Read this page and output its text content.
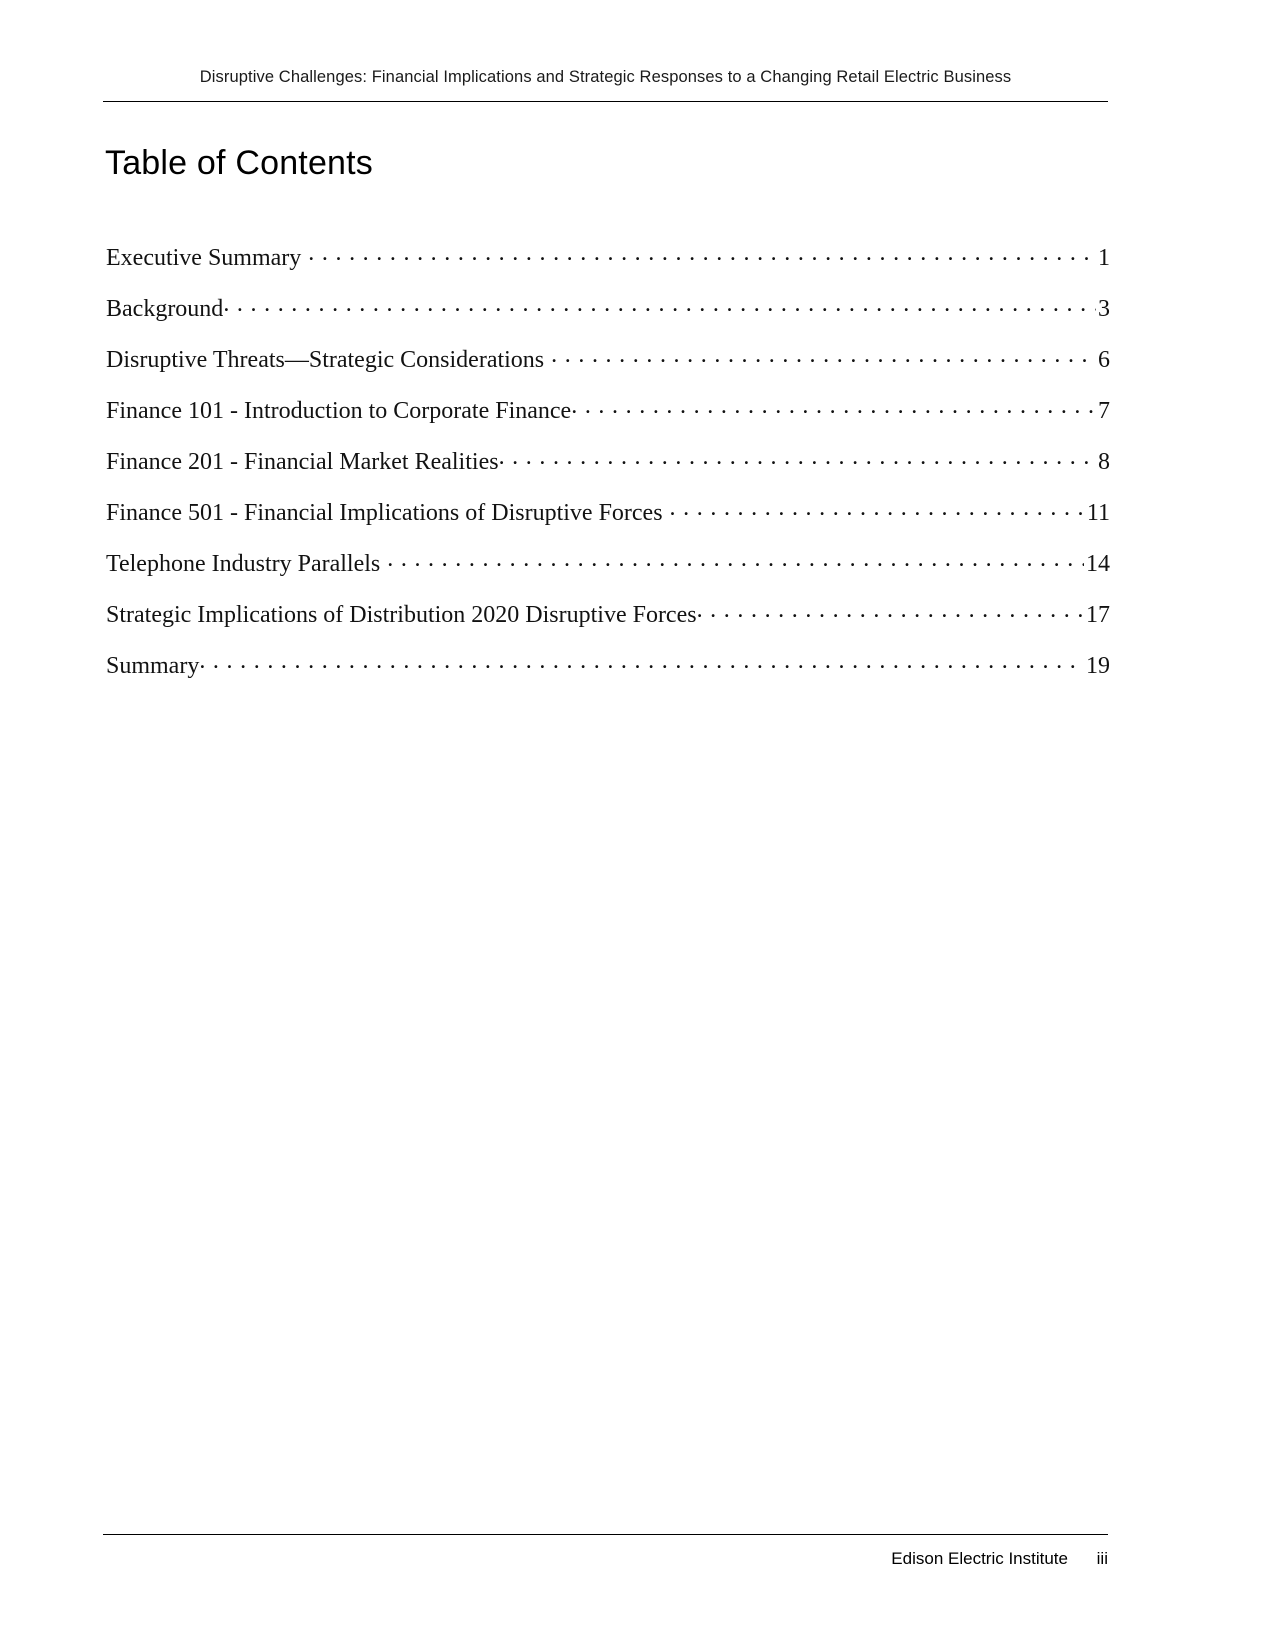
Disruptive Challenges: Financial Implications and Strategic Responses to a Changing Retail Electric Business
Table of Contents
Executive Summary . . .	1
Background . . .	3
Disruptive Threats—Strategic Considerations . . .	6
Finance 101 - Introduction to Corporate Finance . . .	7
Finance 201 - Financial Market Realities . . .	8
Finance 501 - Financial Implications of Disruptive Forces . . .	11
Telephone Industry Parallels . . .	14
Strategic Implications of Distribution 2020 Disruptive Forces . . .	17
Summary . . .	19
Edison Electric Institute	iii
